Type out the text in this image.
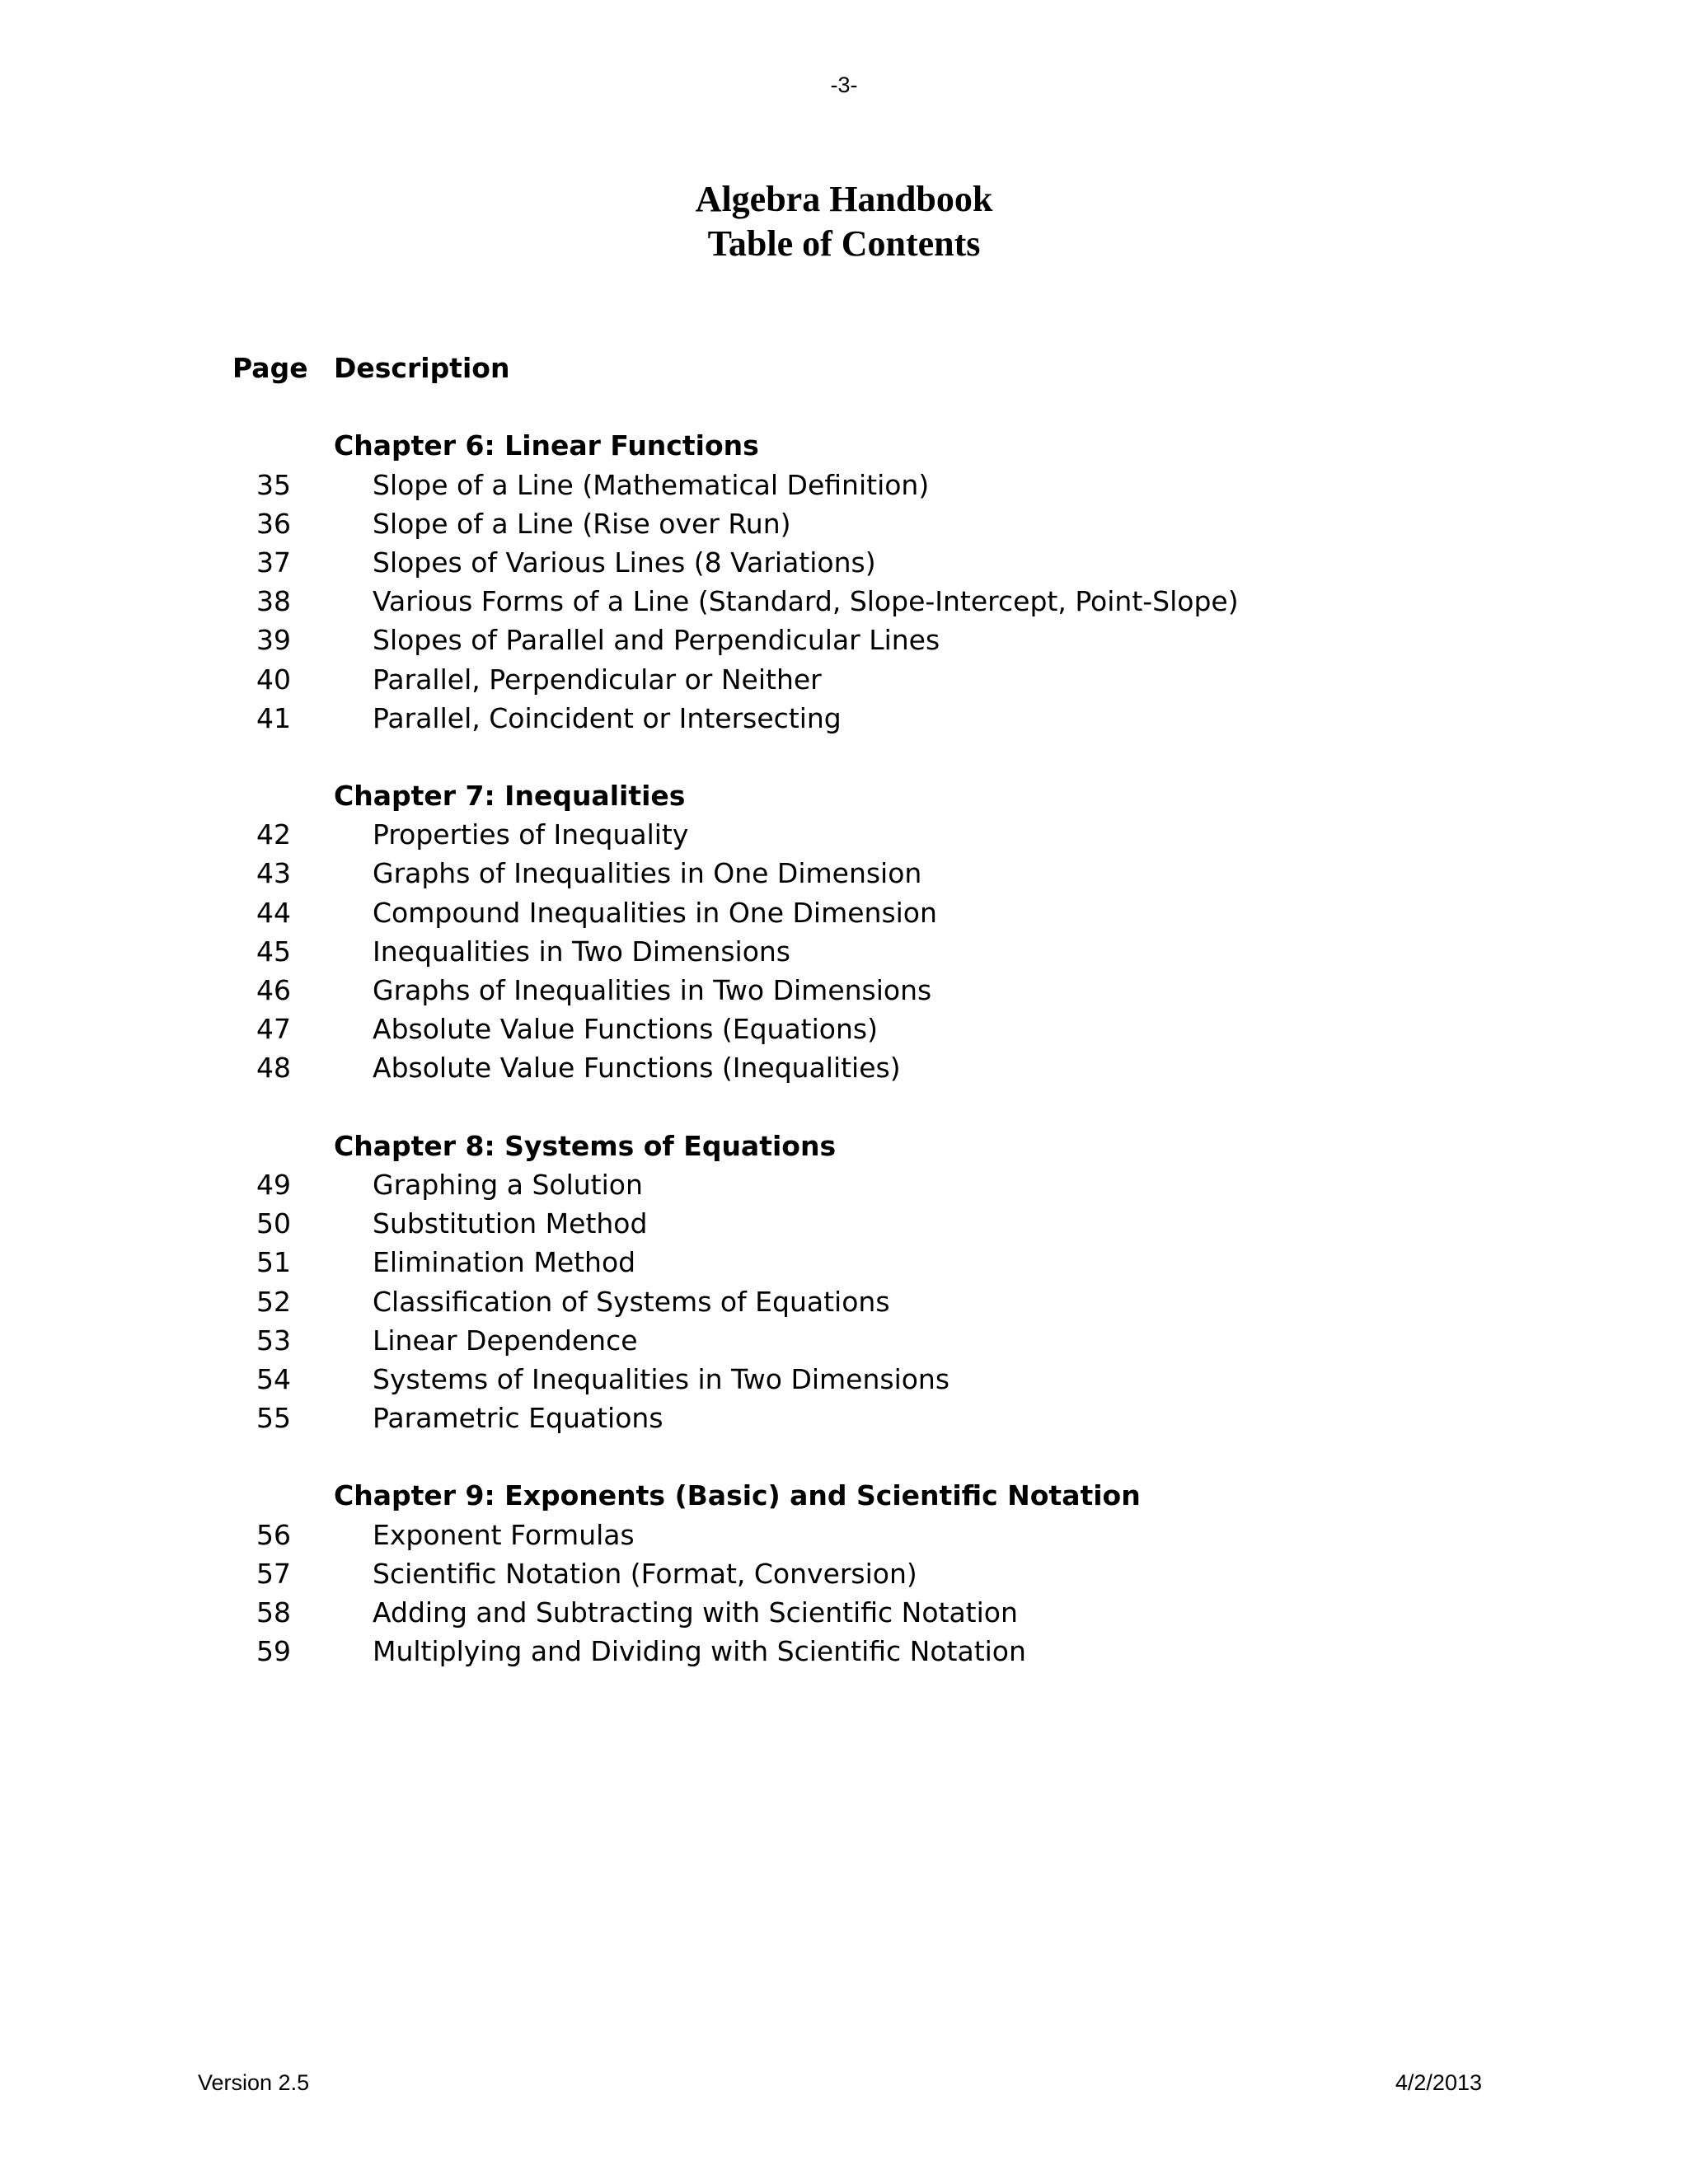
-3-
Algebra Handbook
Table of Contents
Page Description
Chapter 6: Linear Functions
35	Slope of a Line (Mathematical Definition)
36	Slope of a Line (Rise over Run)
37	Slopes of Various Lines (8 Variations)
38	Various Forms of a Line (Standard, Slope-Intercept, Point-Slope)
39	Slopes of Parallel and Perpendicular Lines
40	Parallel, Perpendicular or Neither
41	Parallel, Coincident or Intersecting
Chapter 7: Inequalities
42	Properties of Inequality
43	Graphs of Inequalities in One Dimension
44	Compound Inequalities in One Dimension
45	Inequalities in Two Dimensions
46	Graphs of Inequalities in Two Dimensions
47	Absolute Value Functions (Equations)
48	Absolute Value Functions (Inequalities)
Chapter 8: Systems of Equations
49	Graphing a Solution
50	Substitution Method
51	Elimination Method
52	Classification of Systems of Equations
53	Linear Dependence
54	Systems of Inequalities in Two Dimensions
55	Parametric Equations
Chapter 9: Exponents (Basic) and Scientific Notation
56	Exponent Formulas
57	Scientific Notation (Format, Conversion)
58	Adding and Subtracting with Scientific Notation
59	Multiplying and Dividing with Scientific Notation
Version 2.5	4/2/2013
